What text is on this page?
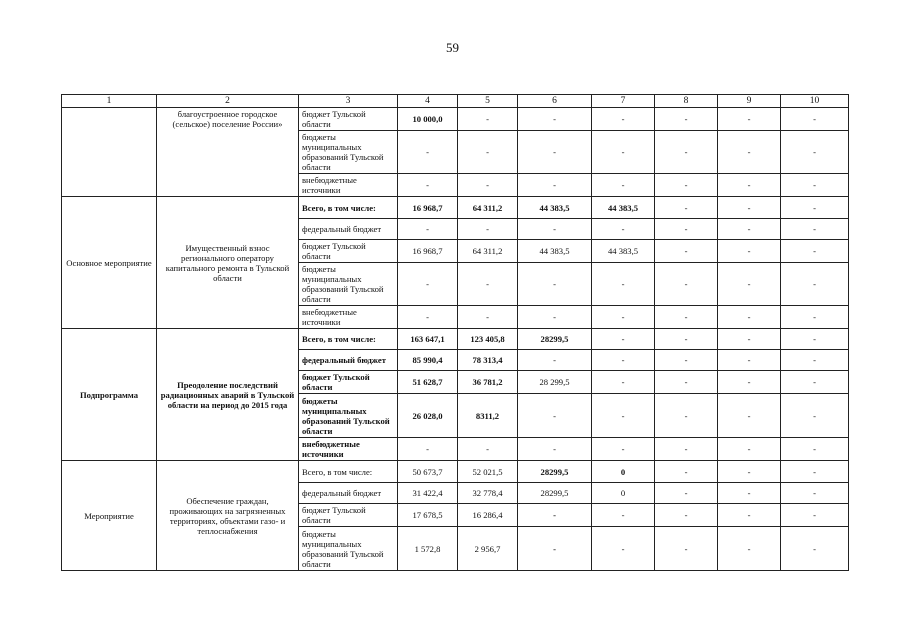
59
1	2	3	4	5	6	7	8	9	10
	благоустроенное городское (сельское) поселение России»	бюджет Тульской области	10 000,0	-	-	-	-	-	-
		бюджеты муниципальных образований Тульской области	-	-	-	-	-	-	-
		внебюджетные источники	-	-	-	-	-	-	-
Основное мероприятие	Имущественный взнос регионального оператору капитального ремонта в Тульской области	Всего, в том числе:	16 968,7	64 311,2	44 383,5	44 383,5	-	-	-
		федеральный бюджет	-	-	-	-	-	-	-
		бюджет Тульской области	16 968,7	64 311,2	44 383,5	44 383,5	-	-	-
		бюджеты муниципальных образований Тульской области	-	-	-	-	-	-	-
		внебюджетные источники	-	-	-	-	-	-	-
Подпрограмма	Преодоление последствий радиационных аварий в Тульской области на период до 2015 года	Всего, в том числе:	163 647,1	123 405,8	28299,5	-	-	-	-
		федеральный бюджет	85 990,4	78 313,4	-	-	-	-	-
		бюджет Тульской области	51 628,7	36 781,2	28 299,5	-	-	-	-
		бюджеты муниципальных образований Тульской области	26 028,0	8311,2	-	-	-	-	-
		внебюджетные источники	-	-	-	-	-	-	-
Мероприятие	Обеспечение граждан, проживающих на загрязненных территориях, объектами газо- и теплоснабжения	Всего, в том числе:	50 673,7	52 021,5	28299,5	0	-	-	-
		федеральный бюджет	31 422,4	32 778,4	28299,5	0	-	-	-
		бюджет Тульской области	17 678,5	16 286,4	-	-	-	-	-
		бюджеты муниципальных образований Тульской области	1 572,8	2 956,7	-	-	-	-	-
